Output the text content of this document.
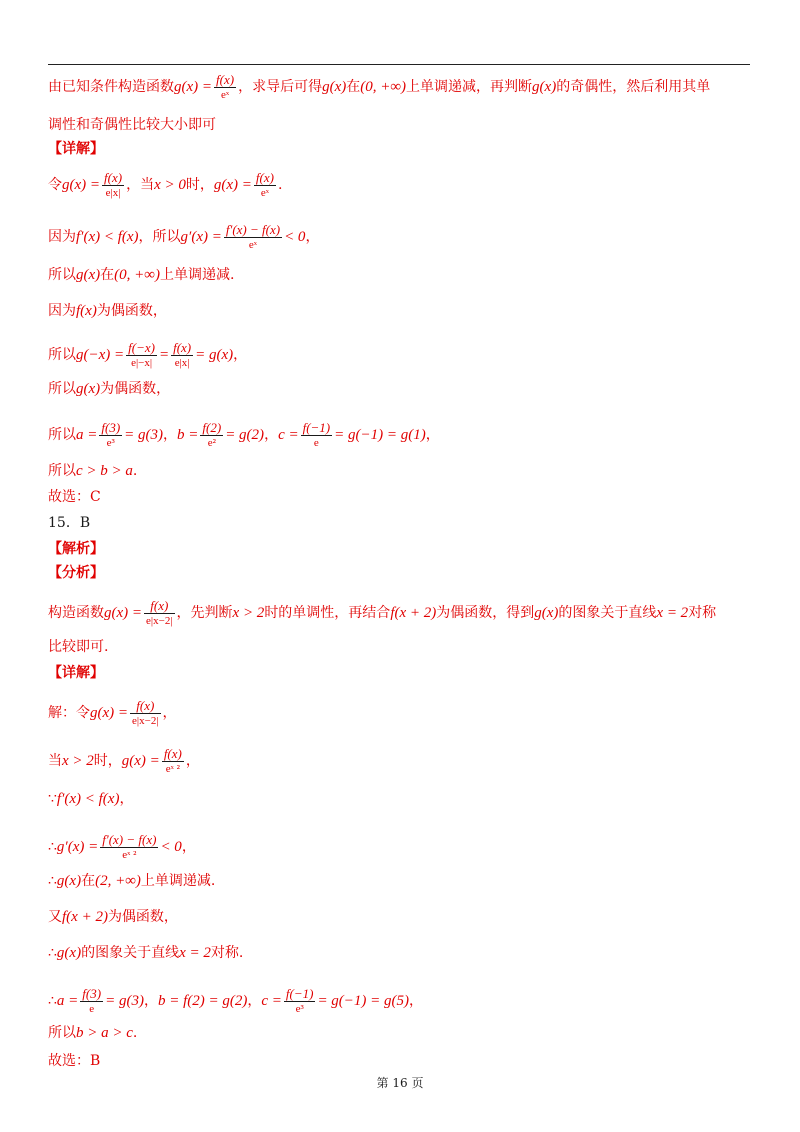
由已知条件构造函数$g(x) = \frac{f(x)}{\text{eˣ}}$ ，求导后可得g(x)在(0, +∞)上单调递减，再判断g(x)的奇偶性，然后利用其单
调性和奇偶性比较大小即可
【详解】
令$g(x) = \frac{f(x)}{e|x|}$ ，当x > 0时，$g(x) = \frac{f(x)}{\text{eˣ}}$ .
因为f′(x) < f(x)，所以$g'(x) = \frac{f'(x) - f(x)}{\text{eˣ}} < 0$，
所以g(x)在(0, +∞)上单调递减.
因为f(x)为偶函数，
所以$g(-x) = \frac{f(-x)}{e|-x|} = \frac{f(x)}{e|x|} = g(x)$，
所以g(x)为偶函数，
所以$a = \frac{f(3)}{\text{e³}} = g(3)$，$b = \frac{f(2)}{\text{e²}} = g(2)$，$c = \frac{f(-1)}{e} = g(-1) = g(1)$，
所以c > b > a.
故选：C
15．B
【解析】
【分析】
构造函数$g(x) = \frac{f(x)}{e|x-2|}$ ，先判断x > 2时的单调性，再结合f(x + 2)为偶函数，得到g(x)的图象关于直线x = 2对称
比较即可.
【详解】
解：令$g(x) = \frac{f(x)}{e|x-2|}$ ，
当x > 2时，$g(x) = \frac{f(x)}{\text{eˣ ²}}$ ，
∵f′(x) < f(x)，
∴g′(x) = $\frac{f'(x) - f(x)}{\text{eˣ ²}} < 0$，
∴g(x)在(2, +∞)上单调递减.
又f(x + 2)为偶函数，
∴g(x)的图象关于直线x = 2对称.
∴a = $\frac{f(3)}{e} = g(3)$，b = f(2) = g(2)，$c = \frac{f(-1)}{\text{e³}} = g(-1) = g(5)$，
所以b > a > c.
故选：B
第 16 页
